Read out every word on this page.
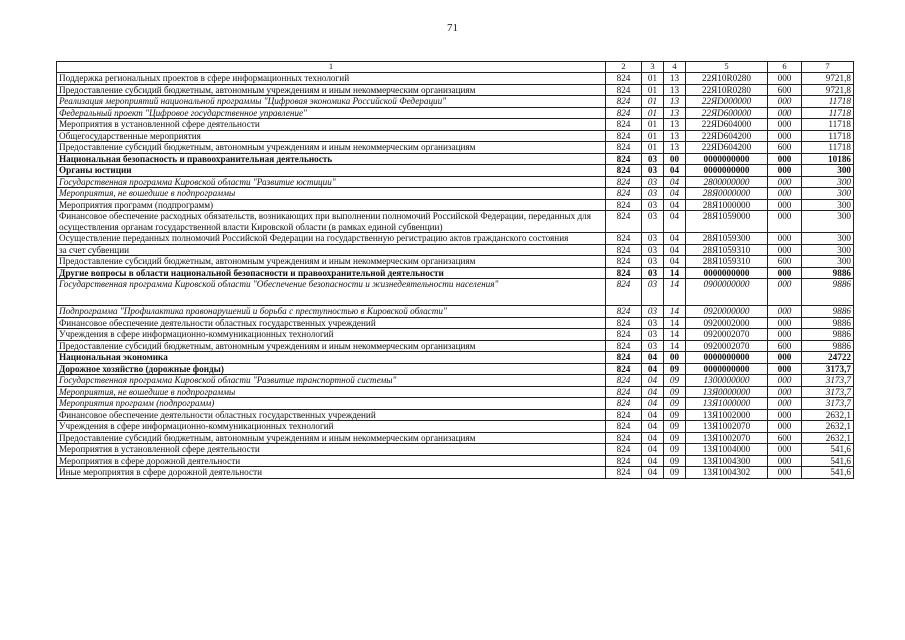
71
1	2	3	4	5	6	7
Поддержка региональных проектов в сфере информационных технологий	824	01	13	22Я10R0280	000	9721,8
Предоставление субсидий бюджетным, автономным учреждениям и иным некоммерческим организациям	824	01	13	22Я10R0280	600	9721,8
Реализация мероприятий национальной программы "Цифровая экономика Российской Федерации"	824	01	13	22ЯD000000	000	11718
Федеральный проект "Цифровое государственное управление"	824	01	13	22ЯD600000	000	11718
Мероприятия в установленной сфере деятельности	824	01	13	22ЯD604000	000	11718
Общегосударственные мероприятия	824	01	13	22ЯD604200	000	11718
Предоставление субсидий бюджетным, автономным учреждениям и иным некоммерческим организациям	824	01	13	22ЯD604200	600	11718
Национальная безопасность и правоохранительная деятельность	824	03	00	0000000000	000	10186
Органы юстиции	824	03	04	0000000000	000	300
Государственная программа Кировской области "Развитие юстиции"	824	03	04	2800000000	000	300
Мероприятия, не вошедшие в подпрограммы	824	03	04	28Я0000000	000	300
Мероприятия программ (подпрограмм)	824	03	04	28Я1000000	000	300
Финансовое обеспечение расходных обязательств, возникающих при выполнении полномочий Российской Федерации, переданных для осуществления органам государственной власти Кировской области (в рамках единой субвенции)	824	03	04	28Я1059000	000	300
Осуществление переданных полномочий Российской Федерации на государственную регистрацию актов гражданского состояния	824	03	04	28Я1059300	000	300
за счет субвенции	824	03	04	28Я1059310	000	300
Предоставление субсидий бюджетным, автономным учреждениям и иным некоммерческим организациям	824	03	04	28Я1059310	600	300
Другие вопросы в области национальной безопасности и правоохранительной деятельности	824	03	14	0000000000	000	9886
Государственная программа Кировской области "Обеспечение безопасности и жизнедеятельности населения"	824	03	14	0900000000	000	9886
Подпрограмма "Профилактика правонарушений и борьба с преступностью в Кировской области"	824	03	14	0920000000	000	9886
Финансовое обеспечение деятельности областных государственных учреждений	824	03	14	0920002000	000	9886
Учреждения в сфере информационно-коммуникационных технологий	824	03	14	0920002070	000	9886
Предоставление субсидий бюджетным, автономным учреждениям и иным некоммерческим организациям	824	03	14	0920002070	600	9886
Национальная экономика	824	04	00	0000000000	000	24722
Дорожное хозяйство (дорожные фонды)	824	04	09	0000000000	000	3173,7
Государственная программа Кировской области "Развитие транспортной системы"	824	04	09	1300000000	000	3173,7
Мероприятия, не вошедшие в подпрограммы	824	04	09	13Я0000000	000	3173,7
Мероприятия программ (подпрограмм)	824	04	09	13Я1000000	000	3173,7
Финансовое обеспечение деятельности областных государственных учреждений	824	04	09	13Я1002000	000	2632,1
Учреждения в сфере информационно-коммуникационных технологий	824	04	09	13Я1002070	000	2632,1
Предоставление субсидий бюджетным, автономным учреждениям и иным некоммерческим организациям	824	04	09	13Я1002070	600	2632,1
Мероприятия в установленной сфере деятельности	824	04	09	13Я1004000	000	541,6
Мероприятия в сфере дорожной деятельности	824	04	09	13Я1004300	000	541,6
Иные мероприятия в сфере дорожной деятельности	824	04	09	13Я1004302	000	541,6
